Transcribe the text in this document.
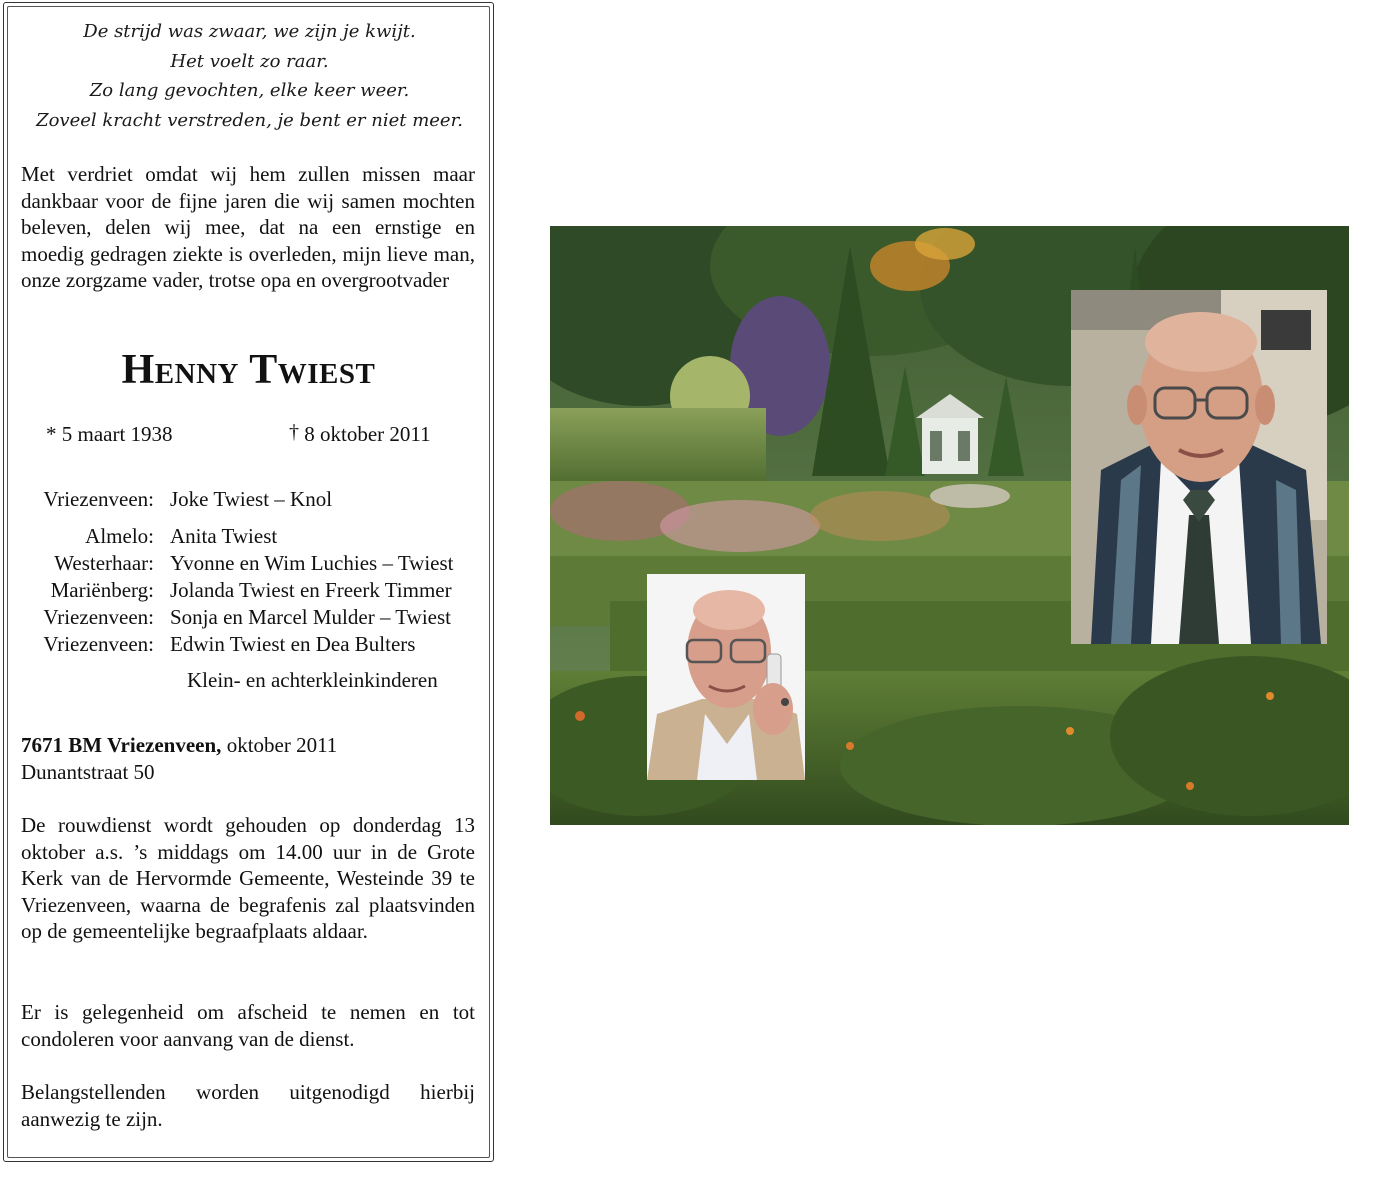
De strijd was zwaar, we zijn je kwijt.
Het voelt zo raar.
Zo lang gevochten, elke keer weer.
Zoveel kracht verstreden, je bent er niet meer.
Met verdriet omdat wij hem zullen missen maar dankbaar voor de fijne jaren die wij samen mochten beleven, delen wij mee, dat na een ernstige en moedig gedragen ziekte is overleden, mijn lieve man, onze zorgzame vader, trotse opa en overgrootvader
Henny Twiest
* 5 maart 1938	† 8 oktober 2011
Vriezenveen: Joke Twiest – Knol
Almelo: Anita Twiest
Westerhaar: Yvonne en Wim Luchies – Twiest
Mariënberg: Jolanda Twiest en Freerk Timmer
Vriezenveen: Sonja en Marcel Mulder – Twiest
Vriezenveen: Edwin Twiest en Dea Bulters
Klein- en achterkleinkinderen
7671 BM Vriezenveen, oktober 2011
Dunantstraat 50
De rouwdienst wordt gehouden op donderdag 13 oktober a.s. ’s middags om 14.00 uur in de Grote Kerk van de Hervormde Gemeente, Westeinde 39 te Vriezenveen, waarna de begrafenis zal plaatsvinden op de gemeentelijke begraafplaats aldaar.
Er is gelegenheid om afscheid te nemen en tot condoleren voor aanvang van de dienst.
Belangstellenden worden uitgenodigd hierbij aanwezig te zijn.
